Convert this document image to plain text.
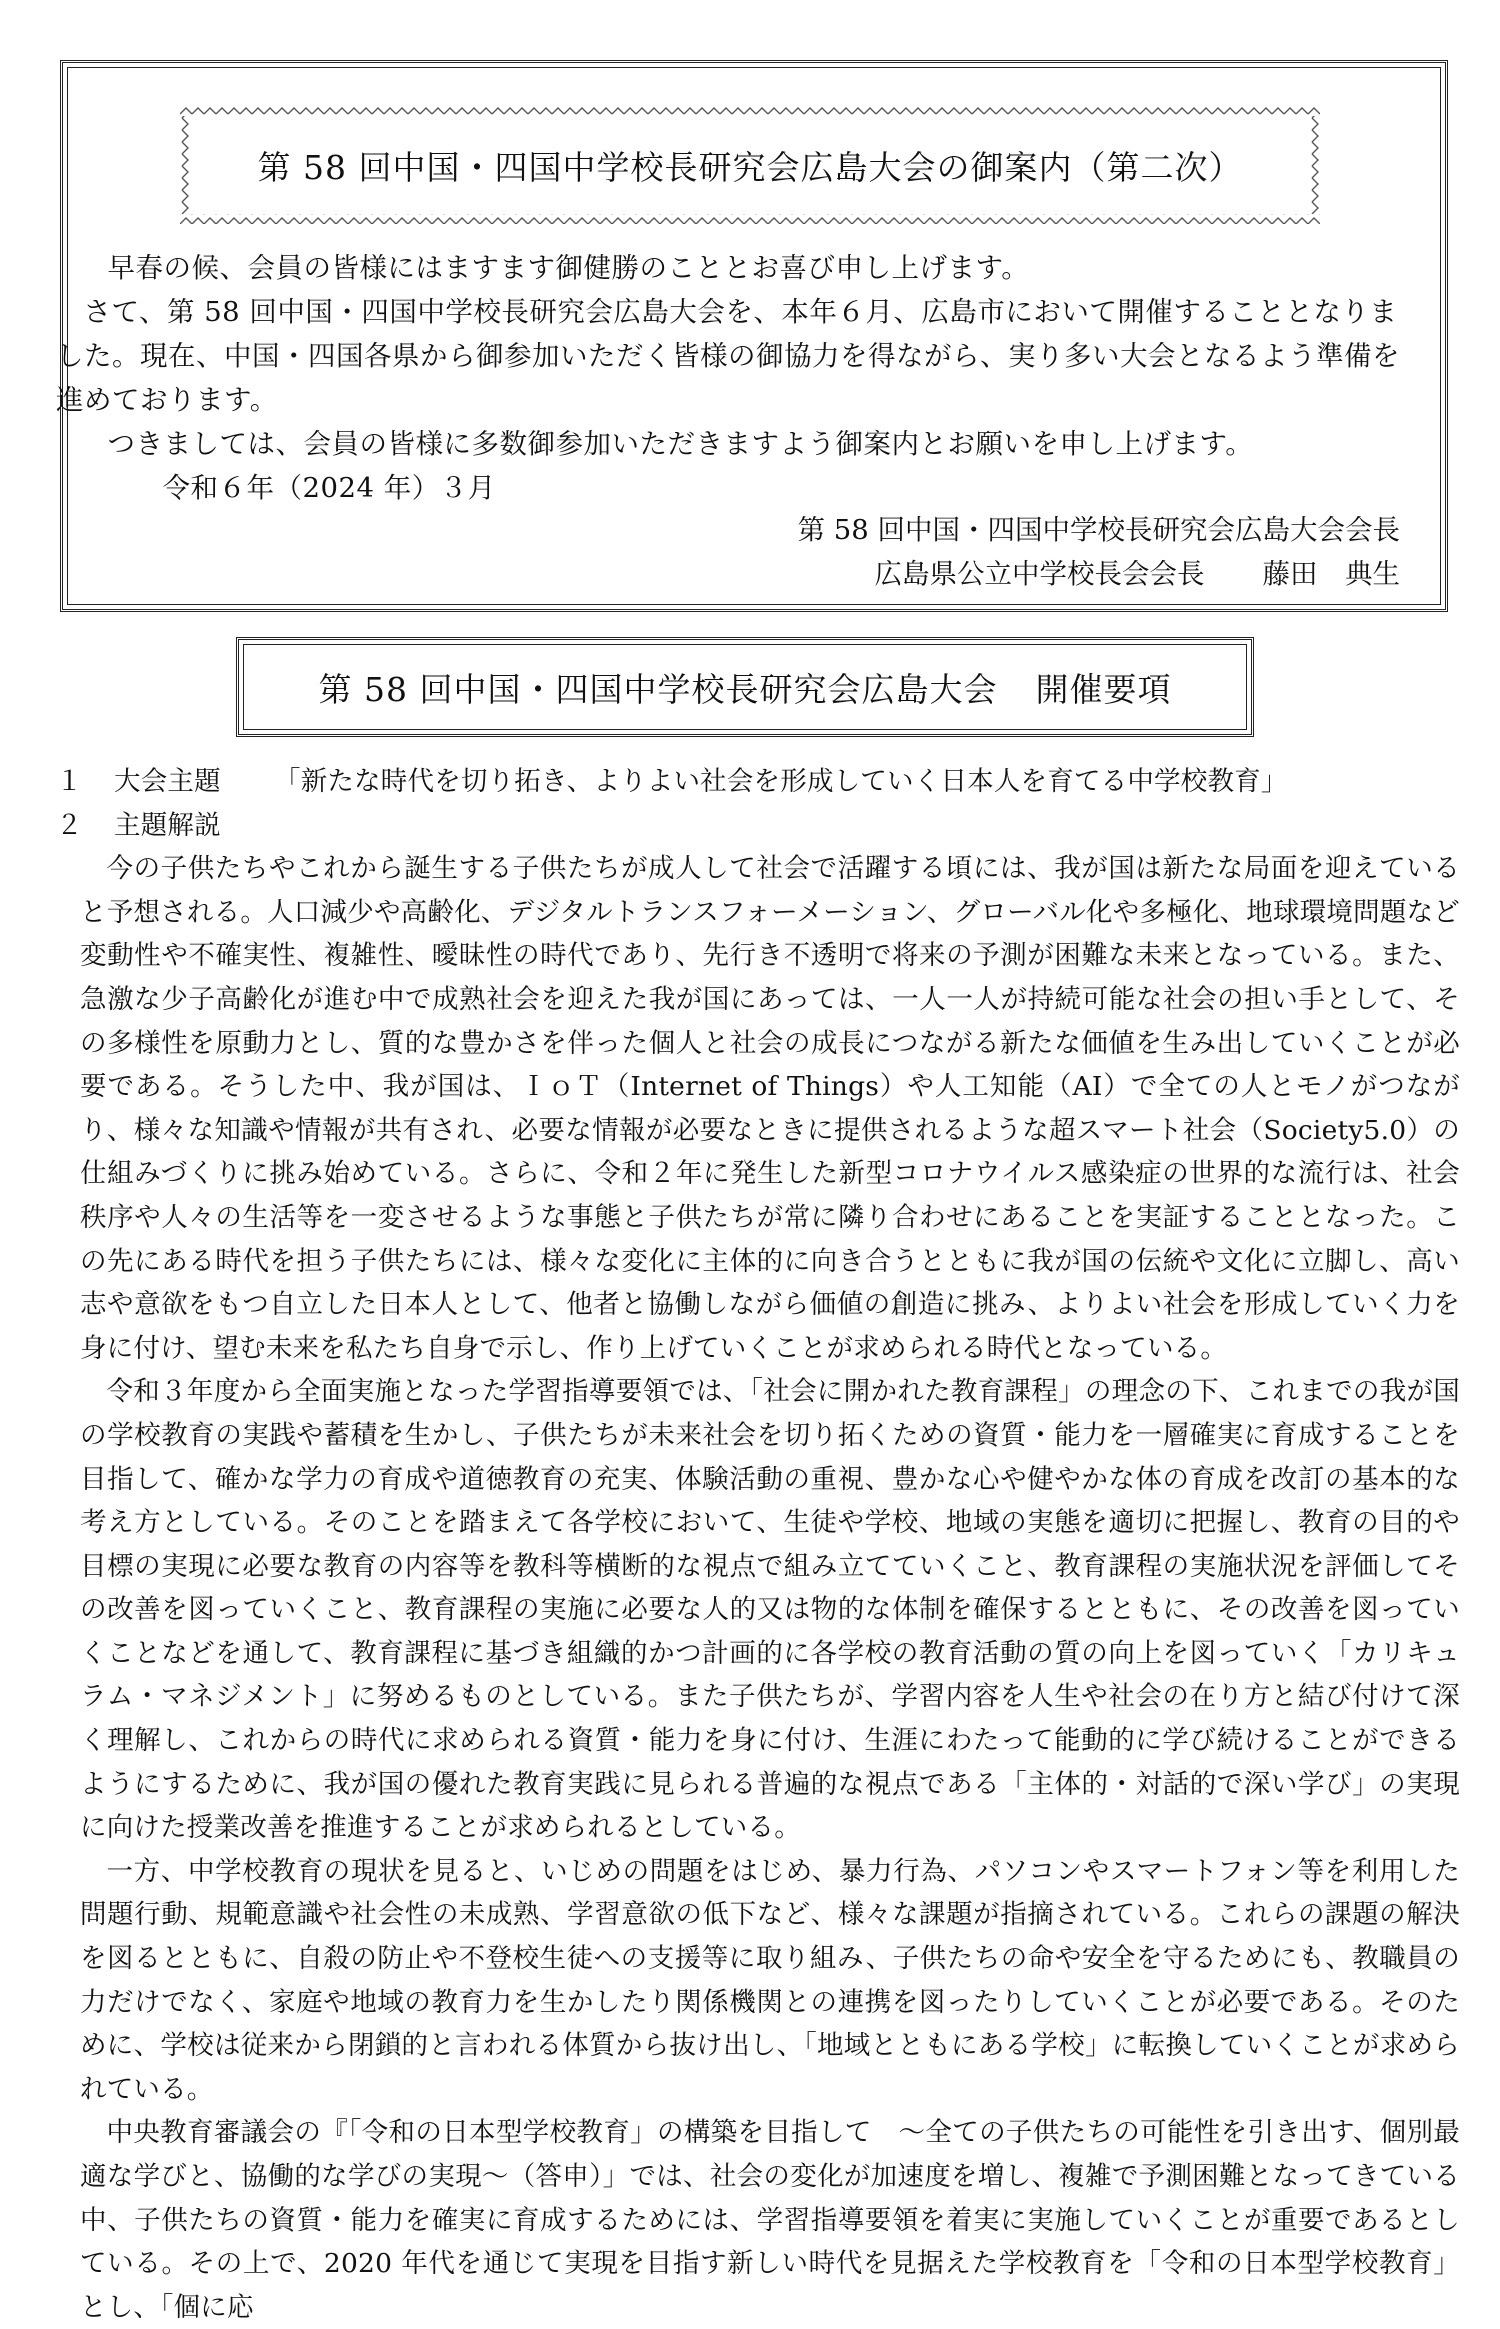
第 58 回中国・四国中学校長研究会広島大会の御案内（第二次）

早春の候、会員の皆様にはますます御健勝のこととお喜び申し上げます。

さて、第 58 回中国・四国中学校長研究会広島大会を、本年６月、広島市において開催することとなりました。現在、中国・四国各県から御参加いただく皆様の御協力を得ながら、実り多い大会となるよう準備を進めております。

つきましては、会員の皆様に多数御参加いただきますよう御案内とお願いを申し上げます。

令和６年（2024 年）３月

第 58 回中国・四国中学校長研究会広島大会会長

広島県公立中学校長会会長 藤田　典生

第 58 回中国・四国中学校長研究会広島大会 開催要項

１ 大会主題 「新たな時代を切り拓き、よりよい社会を形成していく日本人を育てる中学校教育」

２ 主題解説

今の子供たちやこれから誕生する子供たちが成人して社会で活躍する頃には、我が国は新たな局面を迎えていると予想される。人口減少や高齢化、デジタルトランスフォーメーション、グローバル化や多極化、地球環境問題など変動性や不確実性、複雑性、曖昧性の時代であり、先行き不透明で将来の予測が困難な未来となっている。また、急激な少子高齢化が進む中で成熟社会を迎えた我が国にあっては、一人一人が持続可能な社会の担い手として、その多様性を原動力とし、質的な豊かさを伴った個人と社会の成長につながる新たな価値を生み出していくことが必要である。そうした中、我が国は、ＩｏＴ（Internet of Things）や人工知能（AI）で全ての人とモノがつながり、様々な知識や情報が共有され、必要な情報が必要なときに提供されるような超スマート社会（Society5.0）の仕組みづくりに挑み始めている。さらに、令和２年に発生した新型コロナウイルス感染症の世界的な流行は、社会秩序や人々の生活等を一変させるような事態と子供たちが常に隣り合わせにあることを実証することとなった。この先にある時代を担う子供たちには、様々な変化に主体的に向き合うとともに我が国の伝統や文化に立脚し、高い志や意欲をもつ自立した日本人として、他者と協働しながら価値の創造に挑み、よりよい社会を形成していく力を身に付け、望む未来を私たち自身で示し、作り上げていくことが求められる時代となっている。

令和３年度から全面実施となった学習指導要領では、「社会に開かれた教育課程」の理念の下、これまでの我が国の学校教育の実践や蓄積を生かし、子供たちが未来社会を切り拓くための資質・能力を一層確実に育成することを目指して、確かな学力の育成や道徳教育の充実、体験活動の重視、豊かな心や健やかな体の育成を改訂の基本的な考え方としている。そのことを踏まえて各学校において、生徒や学校、地域の実態を適切に把握し、教育の目的や目標の実現に必要な教育の内容等を教科等横断的な視点で組み立てていくこと、教育課程の実施状況を評価してその改善を図っていくこと、教育課程の実施に必要な人的又は物的な体制を確保するとともに、その改善を図っていくことなどを通して、教育課程に基づき組織的かつ計画的に各学校の教育活動の質の向上を図っていく「カリキュラム・マネジメント」に努めるものとしている。また子供たちが、学習内容を人生や社会の在り方と結び付けて深く理解し、これからの時代に求められる資質・能力を身に付け、生涯にわたって能動的に学び続けることができるようにするために、我が国の優れた教育実践に見られる普遍的な視点である「主体的・対話的で深い学び」の実現に向けた授業改善を推進することが求められるとしている。

一方、中学校教育の現状を見ると、いじめの問題をはじめ、暴力行為、パソコンやスマートフォン等を利用した問題行動、規範意識や社会性の未成熟、学習意欲の低下など、様々な課題が指摘されている。これらの課題の解決を図るとともに、自殺の防止や不登校生徒への支援等に取り組み、子供たちの命や安全を守るためにも、教職員の力だけでなく、家庭や地域の教育力を生かしたり関係機関との連携を図ったりしていくことが必要である。そのために、学校は従来から閉鎖的と言われる体質から抜け出し、「地域とともにある学校」に転換していくことが求められている。

中央教育審議会の『「令和の日本型学校教育」の構築を目指して　～全ての子供たちの可能性を引き出す、個別最適な学びと、協働的な学びの実現～（答申）」では、社会の変化が加速度を増し、複雑で予測困難となってきている中、子供たちの資質・能力を確実に育成するためには、学習指導要領を着実に実施していくことが重要であるとしている。その上で、2020 年代を通じて実現を目指す新しい時代を見据えた学校教育を「令和の日本型学校教育」とし、「個に応
